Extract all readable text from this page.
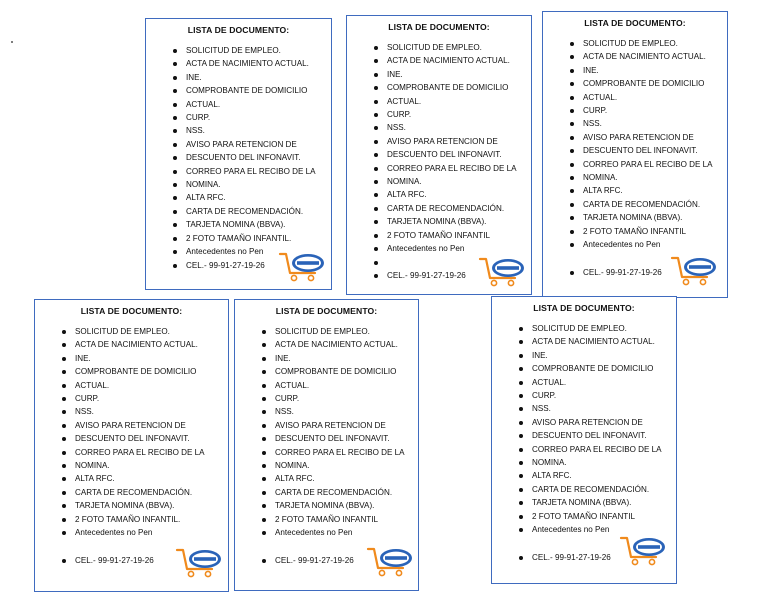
LISTA DE DOCUMENTO:
SOLICITUD DE EMPLEO.
ACTA DE NACIMIENTO ACTUAL.
INE.
COMPROBANTE DE DOMICILIO
ACTUAL.
CURP.
NSS.
AVISO PARA RETENCION DE
DESCUENTO DEL INFONAVIT.
CORREO PARA EL RECIBO DE LA
NOMINA.
ALTA RFC.
CARTA DE RECOMENDACIÓN.
TARJETA NOMINA (BBVA).
2 FOTO TAMAÑO INFANTIL.
Antecedentes no Pen
CEL.- 99-91-27-19-26
LISTA DE DOCUMENTO:
SOLICITUD DE EMPLEO.
ACTA DE NACIMIENTO ACTUAL.
INE.
COMPROBANTE DE DOMICILIO
ACTUAL.
CURP.
NSS.
AVISO PARA RETENCION DE
DESCUENTO DEL INFONAVIT.
CORREO PARA EL RECIBO DE LA
NOMINA.
ALTA RFC.
CARTA DE RECOMENDACIÓN.
TARJETA NOMINA (BBVA).
2 FOTO TAMAÑO INFANTIL
Antecedentes no Pen
CEL.- 99-91-27-19-26
LISTA DE DOCUMENTO:
SOLICITUD DE EMPLEO.
ACTA DE NACIMIENTO ACTUAL.
INE.
COMPROBANTE DE DOMICILIO
ACTUAL.
CURP.
NSS.
AVISO PARA RETENCION DE
DESCUENTO DEL INFONAVIT.
CORREO PARA EL RECIBO DE LA
NOMINA.
ALTA RFC.
CARTA DE RECOMENDACIÓN.
TARJETA NOMINA (BBVA).
2 FOTO TAMAÑO INFANTIL
Antecedentes no Pen
CEL.- 99-91-27-19-26
LISTA DE DOCUMENTO:
SOLICITUD DE EMPLEO.
ACTA DE NACIMIENTO ACTUAL.
INE.
COMPROBANTE DE DOMICILIO
ACTUAL.
CURP.
NSS.
AVISO PARA RETENCION DE
DESCUENTO DEL INFONAVIT.
CORREO PARA EL RECIBO DE LA
NOMINA.
ALTA RFC.
CARTA DE RECOMENDACIÓN.
TARJETA NOMINA (BBVA).
2 FOTO TAMAÑO INFANTIL.
Antecedentes no Pen
CEL.- 99-91-27-19-26
LISTA DE DOCUMENTO:
SOLICITUD DE EMPLEO.
ACTA DE NACIMIENTO ACTUAL.
INE.
COMPROBANTE DE DOMICILIO
ACTUAL.
CURP.
NSS.
AVISO PARA RETENCION DE
DESCUENTO DEL INFONAVIT.
CORREO PARA EL RECIBO DE LA
NOMINA.
ALTA RFC.
CARTA DE RECOMENDACIÓN.
TARJETA NOMINA (BBVA).
2 FOTO TAMAÑO INFANTIL
Antecedentes no Pen
CEL.- 99-91-27-19-26
LISTA DE DOCUMENTO:
SOLICITUD DE EMPLEO.
ACTA DE NACIMIENTO ACTUAL.
INE.
COMPROBANTE DE DOMICILIO
ACTUAL.
CURP.
NSS.
AVISO PARA RETENCION DE
DESCUENTO DEL INFONAVIT.
CORREO PARA EL RECIBO DE LA
NOMINA.
ALTA RFC.
CARTA DE RECOMENDACIÓN.
TARJETA NOMINA (BBVA).
2 FOTO TAMAÑO INFANTIL
Antecedentes no Pen
CEL.- 99-91-27-19-26
